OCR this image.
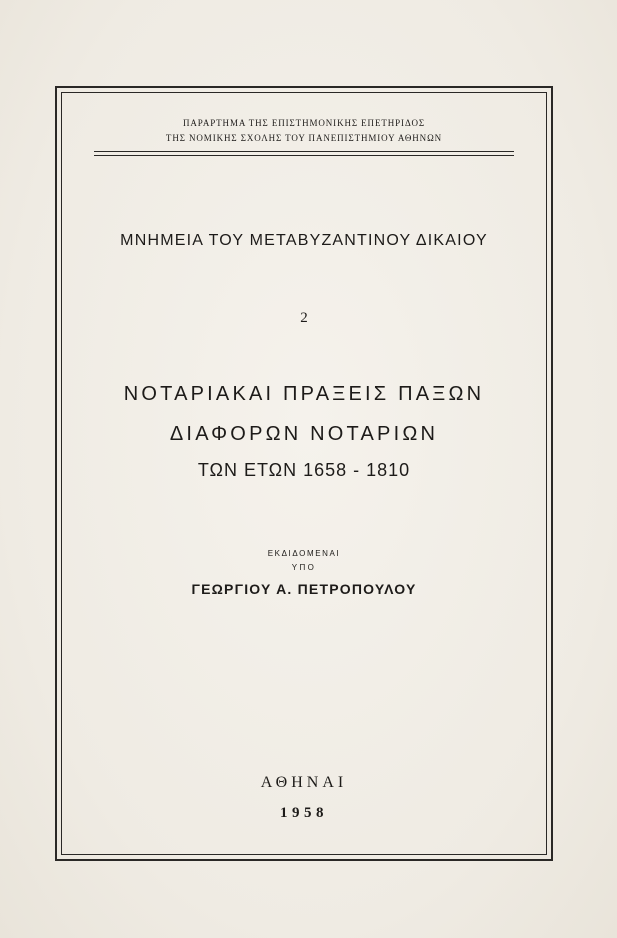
ΠΑΡΑΡΤΗΜΑ ΤΗΣ ΕΠΙΣΤΗΜΟΝΙΚΗΣ ΕΠΕΤΗΡΙΔΟΣ
ΤΗΣ ΝΟΜΙΚΗΣ ΣΧΟΛΗΣ ΤΟΥ ΠΑΝΕΠΙΣΤΗΜΙΟΥ ΑΘΗΝΩΝ
ΜΝΗΜΕΙΑ ΤΟΥ ΜΕΤΑΒΥΖΑΝΤΙΝΟΥ ΔΙΚΑΙΟΥ
2
ΝΟΤΑΡΙΑΚΑΙ ΠΡΑΞΕΙΣ ΠΑΞΩΝ
ΔΙΑΦΟΡΩΝ ΝΟΤΑΡΙΩΝ
ΤΩΝ ΕΤΩΝ 1658 - 1810
ΕΚΔΙΔΟΜΕΝΑΙ
ΥΠΟ
ΓΕΩΡΓΙΟΥ Α. ΠΕΤΡΟΠΟΥΛΟΥ
ΑΘΗΝΑΙ
1958
